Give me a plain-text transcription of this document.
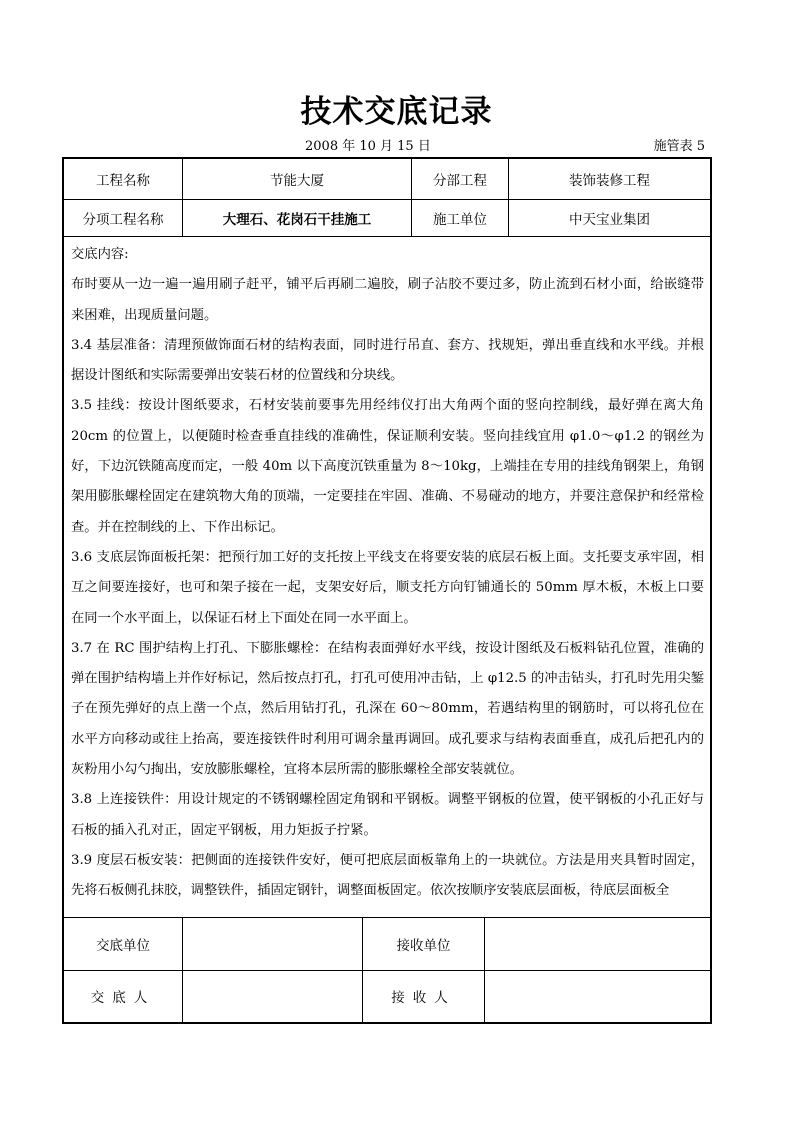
技术交底记录
2008 年 10 月 15 日	施管表 5
工程名称	节能大厦	分部工程	装饰装修工程
分项工程名称	大理石、花岗石干挂施工	施工单位	中天宝业集团

交底内容:

布时要从一边一遍一遍用刷子赶平，铺平后再刷二遍胶，刷子沾胶不要过多，防止流到石材小面，给嵌缝带来困难，出现质量问题。

3.4 基层准备：清理预做饰面石材的结构表面，同时进行吊直、套方、找规矩，弹出垂直线和水平线。并根据设计图纸和实际需要弹出安装石材的位置线和分块线。

3.5 挂线：按设计图纸要求，石材安装前要事先用经纬仪打出大角两个面的竖向控制线，最好弹在离大角 20cm 的位置上，以便随时检查垂直挂线的准确性，保证顺利安装。竖向挂线宜用 φ1.0～φ1.2 的钢丝为好，下边沉铁随高度而定，一般 40m 以下高度沉铁重量为 8～10kg，上端挂在专用的挂线角钢架上，角钢架用膨胀螺栓固定在建筑物大角的顶端，一定要挂在牢固、准确、不易碰动的地方，并要注意保护和经常检查。并在控制线的上、下作出标记。

3.6 支底层饰面板托架：把预行加工好的支托按上平线支在将要安装的底层石板上面。支托要支承牢固，相互之间要连接好，也可和架子接在一起，支架安好后，顺支托方向钉铺通长的 50mm 厚木板，木板上口要在同一个水平面上，以保证石材上下面处在同一水平面上。

3.7 在 RC 围护结构上打孔、下膨胀螺栓：在结构表面弹好水平线，按设计图纸及石板料钻孔位置，准确的弹在围护结构墙上并作好标记，然后按点打孔，打孔可使用冲击钻，上 φ12.5 的冲击钻头，打孔时先用尖錾子在预先弹好的点上凿一个点，然后用钻打孔，孔深在 60～80mm，若遇结构里的钢筋时，可以将孔位在水平方向移动或往上抬高，要连接铁件时利用可调余量再调回。成孔要求与结构表面垂直，成孔后把孔内的灰粉用小勾勺掏出，安放膨胀螺栓，宜将本层所需的膨胀螺栓全部安装就位。

3.8 上连接铁件：用设计规定的不锈钢螺栓固定角钢和平钢板。调整平钢板的位置，使平钢板的小孔正好与石板的插入孔对正，固定平钢板，用力矩扳子拧紧。

3.9 度层石板安装：把侧面的连接铁件安好，便可把底层面板靠角上的一块就位。方法是用夹具暂时固定，先将石板侧孔抹胶，调整铁件，插固定钢针，调整面板固定。依次按顺序安装底层面板，待底层面板全

交底单位	接收单位
交底人	接收人
